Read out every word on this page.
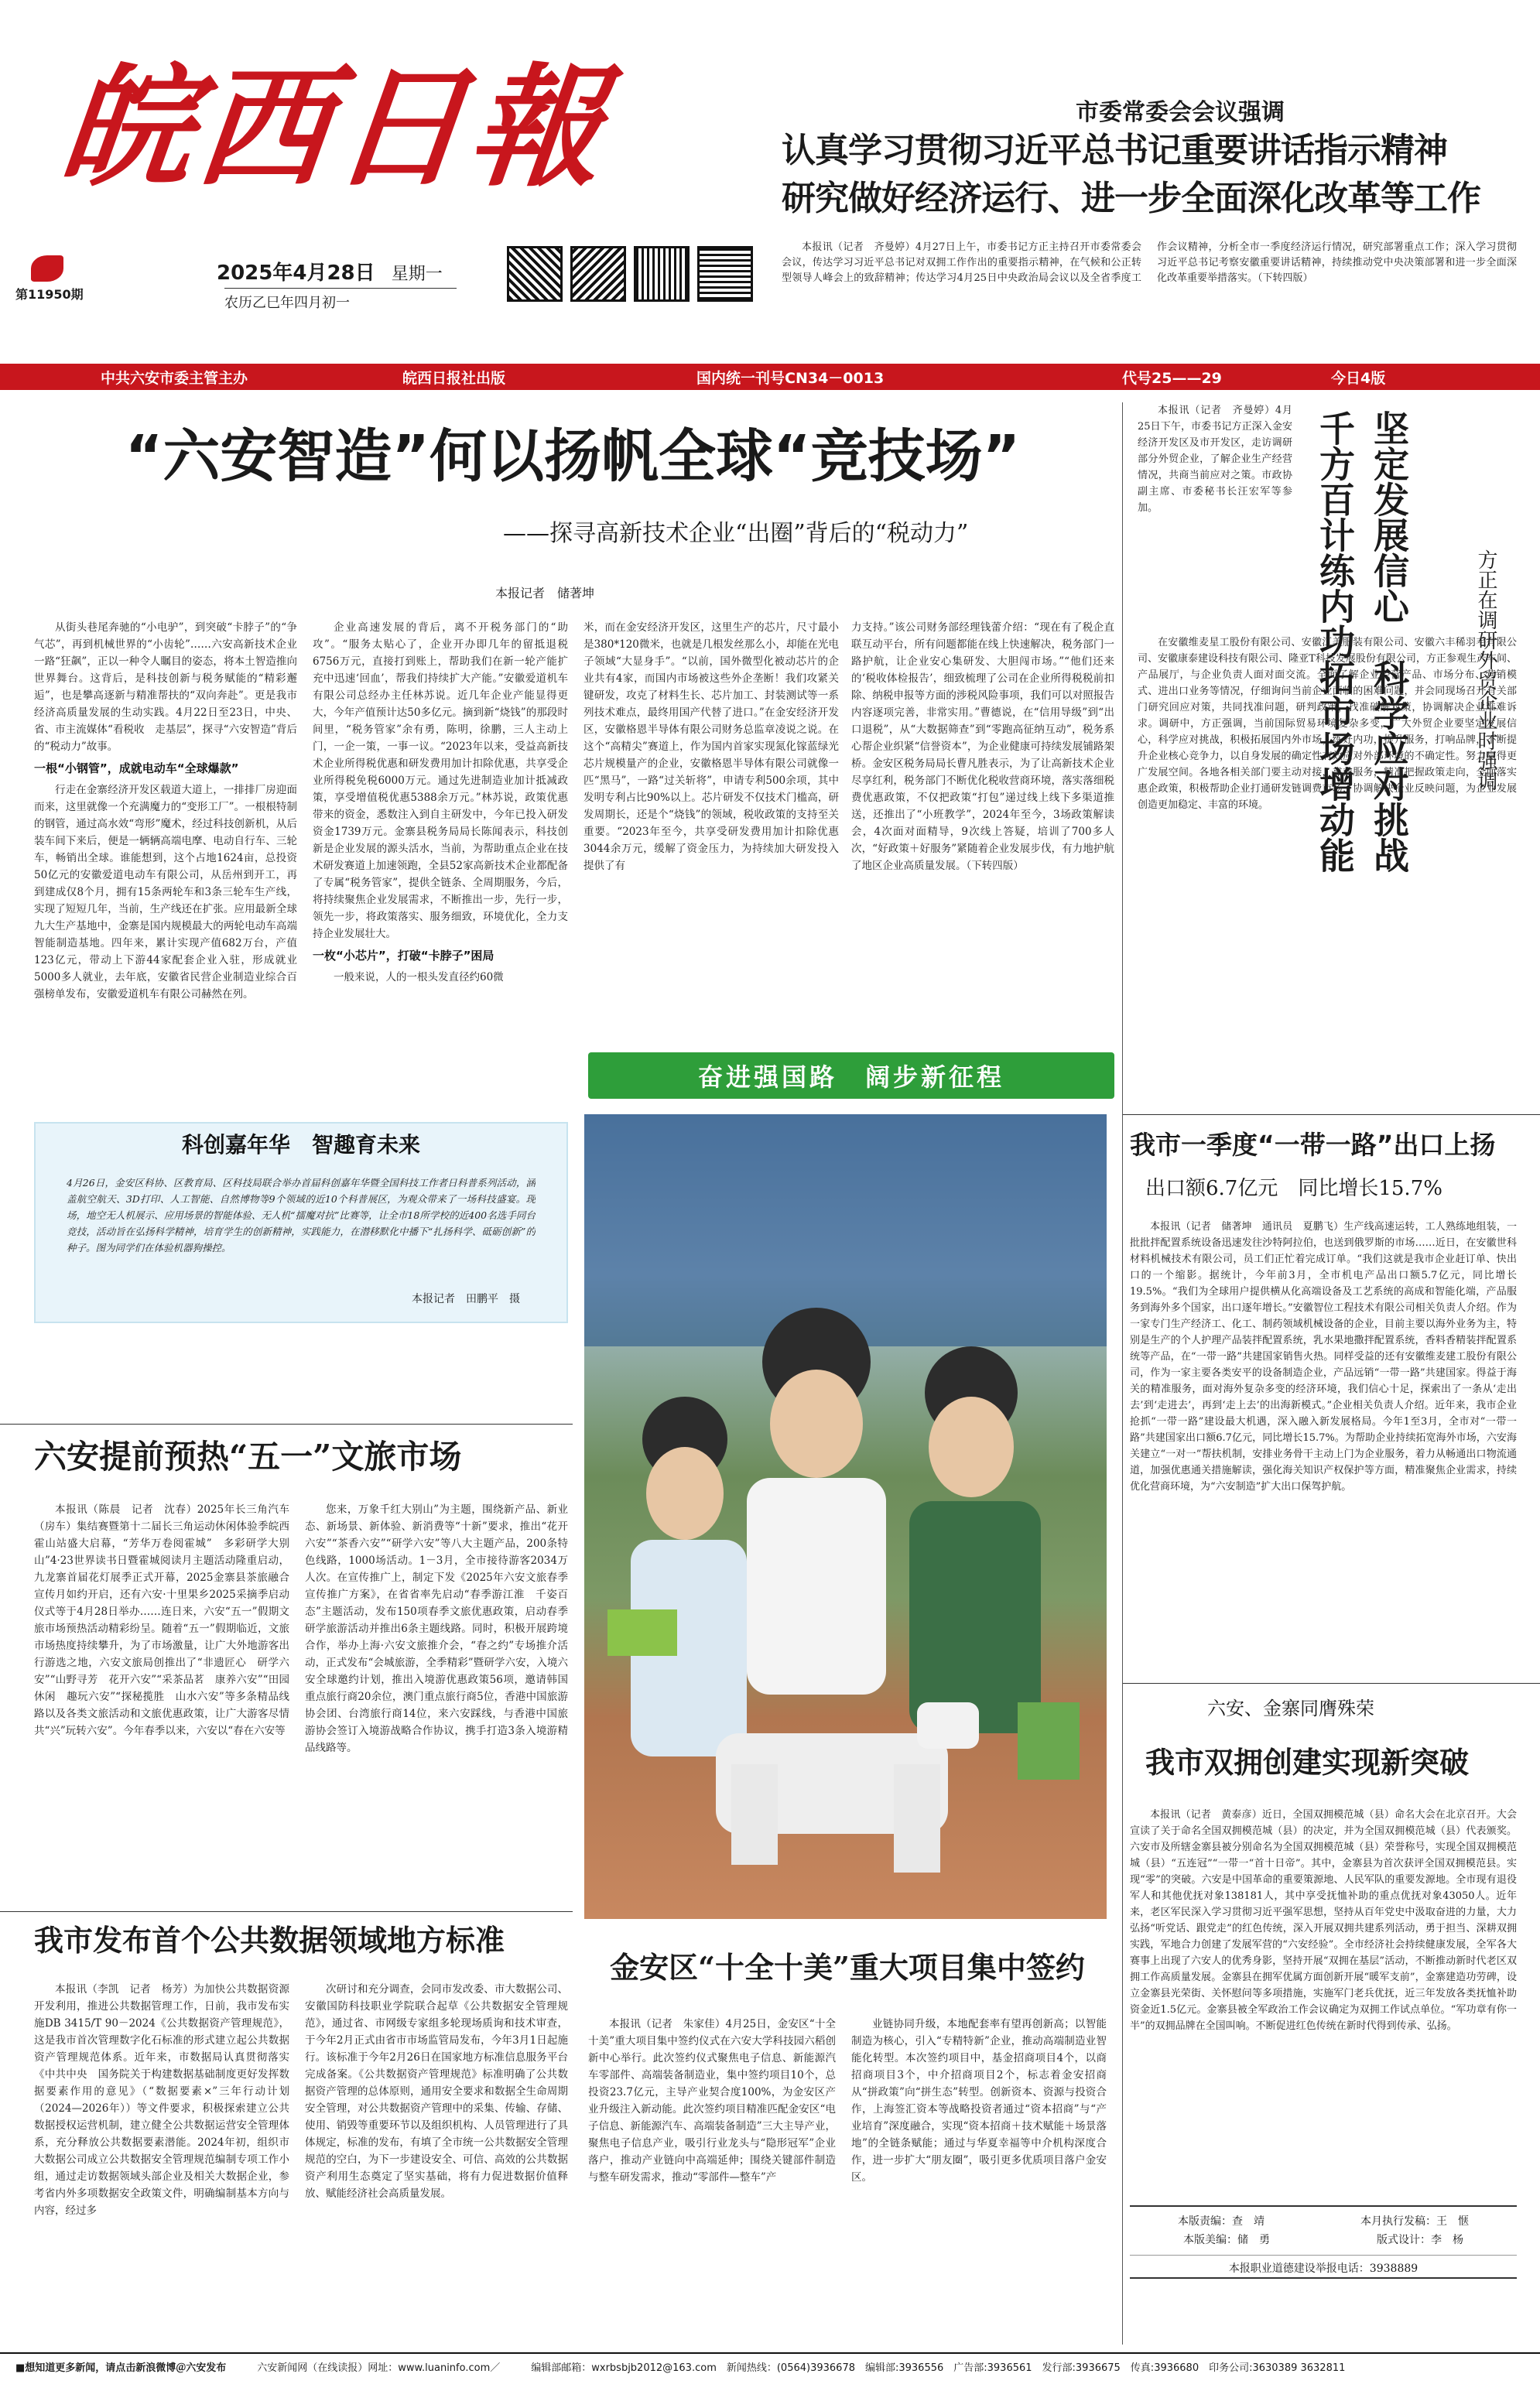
皖西日報
第11950期
2025年4月28日 星期一
农历乙巳年四月初一
市委常委会会议强调
认真学习贯彻习近平总书记重要讲话指示精神
研究做好经济运行、进一步全面深化改革等工作
本报讯（记者　齐曼婷）4月27日上午，市委书记方正主持召开市委常委会会议，传达学习习近平总书记对双拥工作作出的重要指示精神，在气候和公正转型领导人峰会上的致辞精神；传达学习4月25日中央政治局会议以及全省季度工作会议精神，分析全市一季度经济运行情况，研究部署重点工作；深入学习贯彻习近平总书记考察安徽重要讲话精神，持续推动党中央决策部署和进一步全面深化改革重要举措落实。（下转四版）
中共六安市委主管主办	皖西日报社出版	国内统一刊号CN34－0013	代号25——29	今日4版
“六安智造”何以扬帆全球“竞技场”
——探寻高新技术企业“出圈”背后的“税动力”
本报记者　储著坤

从街头巷尾奔驰的“小电驴”，到突破“卡脖子”的“争气芯”，再到机械世界的“小齿轮”……六安高新技术企业一路“狂飙”，正以一种令人瞩目的姿态，将本土智造推向世界舞台。这背后，是科技创新与税务赋能的“精彩邂逅”，也是攀高逐新与精准帮扶的“双向奔赴”。更是我市经济高质量发展的生动实践。4月22日至23日，中央、省、市主流媒体“看税收　走基层”，探寻“六安智造”背后的“税动力”故事。

一根“小钢管”，成就电动车“全球爆款”

行走在金寨经济开发区载道大道上，一排排厂房迎面而来，这里就像一个充满魔力的“变形工厂”。一根根特制的钢管，通过高水效“弯形”魔术，经过科技创新机，从后装车间下来后，便是一辆辆高端电摩、电动自行车、三轮车，畅销出全球。谁能想到，这个占地1624亩，总投资50亿元的安徽爱道电动车有限公司，从岳州到开工，再到建成仅8个月，拥有15条两轮车和3条三轮车生产线，实现了短短几年，当前，生产线还在扩张。应用最新全球九大生产基地中，金寨是国内规模最大的两轮电动车高端智能制造基地。四年来，累计实现产值682万台，产值123亿元，带动上下游44家配套企业入驻，形成就业5000多人就业，去年底，安徽省民营企业制造业综合百强榜单发布，安徽爱道机车有限公司赫然在列。

企业高速发展的背后，离不开税务部门的“助攻”。“服务太贴心了，企业开办即几年的留抵退税6756万元，直接打到账上，帮助我们在新一轮产能扩充中迅速‘回血’，帮我们持续扩大产能。”安徽爱道机车有限公司总经办主任林苏说。近几年企业产能显得更大，今年产值预计达50多亿元。摘到新“烧钱”的那段时间里，“税务管家”余有勇，陈明，徐鹏，三人主动上门，一企一策，一事一议。“2023年以来，受益高新技术企业所得税优惠和研发费用加计扣除优惠，共享受企业所得税免税6000万元。通过先进制造业加计抵减政策，享受增值税优惠5388余万元。”林苏说，政策优惠带来的资金，悉数注入到自主研发中，今年已投入研发资金1739万元。金寨县税务局局长陈闻表示，科技创新是企业发展的源头活水，当前，为帮助重点企业在技术研发赛道上加速领跑，全县52家高新技术企业都配备了专属“税务管家”，提供全链条、全周期服务，今后，将持续聚焦企业发展需求，不断推出一步，先行一步，领先一步，将政策落实、服务细致，环境优化，全力支持企业发展壮大。

一枚“小芯片”，打破“卡脖子”困局

一般来说，人的一根头发直径约60微

米，而在金安经济开发区，这里生产的芯片，尺寸最小是380*120微米，也就是几根发丝那么小，却能在光电子领域“大显身手”。“以前，国外微型化被动芯片的企业共有4家，而国内市场被这些外企垄断！我们攻紧关键研发，攻克了材料生长、芯片加工、封装测试等一系列技术难点，最终用国产代替了进口。”在金安经济开发区，安徽格恩半导体有限公司财务总监章凌说之说。在这个“高精尖”赛道上，作为国内首家实现氮化镓蓝绿光芯片规模量产的企业，安徽格恩半导体有限公司就像一匹“黑马”，一路“过关斩将”，申请专利500余项，其中发明专利占比90%以上。芯片研发不仅技术门槛高，研发周期长，还是个“烧钱”的领域，税收政策的支持至关重要。“2023年至今，共享受研发费用加计扣除优惠3044余万元，缓解了资金压力，为持续加大研发投入提供了有

力支持。”该公司财务部经理钱蕾介绍：“现在有了税企直联互动平台，所有问题都能在线上快速解决，税务部门一路护航，让企业安心集研发、大胆闯市场。”“他们还来的‘税收体检报告’，细致梳理了公司在企业所得税税前扣除、纳税申报等方面的涉税风险事项，我们可以对照报告内容逐项完善，非常实用。”曹德说，在“信用导级”到“出口退税”，从“大数据筛查”到“零跑高征纳互动”，税务系心帮企业织紧“信誉资本”，为企业健康可持续发展铺路架桥。金安区税务局局长曹凡胜表示，为了让高新技术企业尽享红利，税务部门不断优化税收营商环境，落实落细税费优惠政策，不仅把政策“打包”递过线上线下多渠道推送，还推出了“小班教学”，2024年至今，3场政策解读会，4次面对面精导，9次线上答疑，培训了700多人次，“好政策＋好服务”紧随着企业发展步伐，有力地护航了地区企业高质量发展。（下转四版）

奋进强国路　阔步新征程
本报讯（记者　齐曼婷）4月25日下午，市委书记方正深入金安经济开发区及市开发区，走访调研部分外贸企业，了解企业生产经营情况，共商当前应对之策。市政协副主席、市委秘书长汪宏军等参加。	坚定发展信心　科学应对挑战　千方百计练内功拓市场增动能	方正在调研外贸企业时强调
在安徽维麦星工股份有限公司、安徽江美服装有限公司、安徽六丰稀羽毛有限公司、安徽康泰建设科技有限公司、隆亚T科技发展股份有限公司，方正参观生产车间、产品展厅，与企业负责人面对面交流。全面了解企业经营产品、市场分布、营销模式、进出口业务等情况，仔细询问当前企业面临的困难问题，并会同现场召开有关部门研究回应对策，共同找准问题，研判政策，找准破解对策，协调解决企业难难诉求。调研中，方正强调，当前国际贸易环境复杂多变，广大外贸企业要坚定发展信心，科学应对挑战，积极拓展国内外市场，练好内功，提升服务，打响品牌，不断提升企业核心竞争力，以自身发展的确定性有效应对外部环境的不确定性。努力赢得更广发展空间。各地各相关部门要主动对接，靠前服务，精准把握政策走向，全面落实惠企政策，积极帮助企业打通研发链调费市场，协调解决企业反映问题，为企业发展创造更加稳定、丰富的环境。
科创嘉年华　智趣育未来
4月26日，金安区科协、区教育局、区科技局联合举办首届科创嘉年华暨全国科技工作者日科普系列活动，涵盖航空航天、3D打印、人工智能、自然博物等9个领域的近10个科普展区，为观众带来了一场科技盛宴。现场，地空无人机展示、应用场景的智能体验、无人机“擂魔对抗”比赛等，让全市18所学校的近400名选手同台竞技，活动旨在弘扬科学精神，培育学生的创新精神，实践能力，在潜移默化中播下“扎扬科学、砥砺创新”的种子。图为同学们在体验机器狗操控。
本报记者　田鹏平　摄
六安提前预热“五一”文旅市场
本报讯（陈晨　记者　沈春）2025年长三角汽车（房车）集结赛暨第十二届长三角运动休闲体验季皖西霍山站盛大启幕，“芳华万卷阅霍城”　多彩研学大别山”4·23世界读书日暨霍城阅读月主题活动隆重启动，九龙寨首届花灯展季正式开幕，2025金寨县茶旅融合宣传月如约开启，还有六安·十里果乡2025采摘季启动仪式等于4月28日举办……连日来，六安“五一”假期文旅市场预热活动精彩纷呈。随着“五一”假期临近，文旅市场热度持续攀升，为了市场激量，让广大外地游客出行游选之地，六安文旅局创推出了“非遗匠心　研学六安”“山野寻芳　花开六安”“采茶品茗　康养六安”“田园休闲　趣玩六安”“探秘揽胜　山水六安”等多条精品线路以及各类文旅活动和文旅优惠政策，让广大游客尽情共“兴”玩转六安”。今年春季以来，六安以“春在六安等
您来，万象千红大别山”为主题，围绕新产品、新业态、新场景、新体验、新消费等“十新”要求，推出“花开六安”“茶香六安”“研学六安”等八大主题产品，200条特色线路，1000场活动。1－3月，全市接待游客2034万人次。在宣传推广上，制定下发《2025年六安文旅春季宣传推广方案》，在省省率先启动“春季游江淮　千姿百态”主题活动，发布150项春季文旅优惠政策，启动春季研学旅游活动并推出6条主题线路。同时，积极开展跨境合作，举办上海·六安文旅推介会，“春之约”专场推介活动，正式发布“会城旅游，全季精彩”暨研学六安，入境六安全球邀约计划，推出入境游优惠政策56项，邀请韩国重点旅行商20余位，澳门重点旅行商5位，香港中国旅游协会团、台湾旅行商14位，来六安踩线，与香港中国旅游协会签订入境游战略合作协议，携手打造3条入境游精品线路等。
我市一季度“一带一路”出口上扬
出口额6.7亿元　同比增长15.7%
本报讯（记者　储著坤　通讯员　夏鹏飞）生产线高速运转，工人熟练地组装，一批批拌配置系统设备迅速发往沙特阿拉伯，也送到俄罗斯的市场……近日，在安徽世科材料机械技术有限公司，员工们正忙着完成订单。“我们这就是我市企业赶订单、快出口的一个缩影。据统计，今年前3月，全市机电产品出口额5.7亿元，同比增长19.5%。“我们为全球用户提供横从化高端设备及工艺系统的高成和智能化端，产品服务到海外多个国家，出口逐年增长。”安徽智位工程技术有限公司相关负责人介绍。作为一家专门生产经济工、化工、制药领域机械设备的企业，目前主要以海外业务为主，特别是生产的个人护理产品装拌配置系统，乳水果地撒拌配置系统，香料香精装拌配置系统等产品，在“一带一路”共建国家销售火热。同样受益的还有安徽维麦建工股份有限公司，作为一家主要各类安平的设备制造企业，产品远销“一带一路”共建国家。得益于海关的精准服务，面对海外复杂多变的经济环境，我们信心十足，探索出了一条从‘走出去’到‘走进去’，再到‘走上去’的出海新模式。”企业相关负责人介绍。近年来，我市企业抢抓“一带一路”建设最大机遇，深入融入新发展格局。今年1至3月，全市对“一带一路”共建国家出口额6.7亿元，同比增长15.7%。为帮助企业持续拓宽海外市场，六安海关建立“一对一”帮扶机制，安排业务骨干主动上门为企业服务，着力从畅通出口物流通道，加强优惠通关措施解读，强化海关知识产权保护等方面，精准聚焦企业需求，持续优化营商环境，为“六安制造”扩大出口保驾护航。
六安、金寨同膺殊荣
我市双拥创建实现新突破
本报讯（记者　黄泰彦）近日，全国双拥模范城（县）命名大会在北京召开。大会宣读了关于命名全国双拥模范城（县）的决定，并为全国双拥模范城（县）代表颁奖。六安市及所辖金寨县被分别命名为全国双拥模范城（县）荣誉称号，实现全国双拥模范城（县）“五连冠”“一带一“首十日帝”。其中，金寨县为首次获评全国双拥模范县。实现“零”的突破。六安是中国革命的重要策源地、人民军队的重要发源地。全市现有退役军人和其他优抚对象138181人，其中享受抚恤补助的重点优抚对象43050人。近年来，老区军民深入学习贯彻习近平强军思想，坚持从百年党史中汲取奋进的力量，大力弘扬“听党话、跟党走”的红色传统，深入开展双拥共建系列活动，勇于担当、深耕双拥实践，军地合力创建了发展军营的“六安经验”。全市经济社会持续健康发展，全军各大赛事上出现了六安人的优秀身影，坚持开展“双拥在基层”活动，不断推动新时代老区双拥工作高质量发展。金寨县在拥军优属方面创新开展“暖军支前”，金寨建造功劳碑，设立金寨县光荣街、关怀慰问等多项措施，实施军门老兵优抚，近三年发放各类抚恤补助资金近1.5亿元。金寨县被全军政治工作会议确定为双拥工作试点单位。“军功章有你一半”的双拥品牌在全国叫响。不断促进红色传统在新时代得到传承、弘扬。
本版责编：查　靖	本月执行发稿：王　惬
本版美编：储　勇	版式设计：李　杨
本报职业道德建设举报电话：3938889
我市发布首个公共数据领域地方标准
本报讯（李凯　记者　杨芳）为加快公共数据资源开发利用，推进公共数据管理工作，日前，我市发布实施DB 3415/T 90－2024《公共数据资产管理规范》，这是我市首次管理数字化石标准的形式建立起公共数据资产管理规范体系。近年来，市数据局认真贯彻落实《中共中央　国务院关于构建数据基础制度更好发挥数据要素作用的意见》（“数据要素×”三年行动计划（2024—2026年））等文件要求，积极探索建立公共数据授权运营机制，建立健全公共数据运营安全管理体系，充分释放公共数据要素潜能。2024年初，组织市大数据公司成立公共数据安全管理规范编制专项工作小组，通过走访数据领域头部企业及相关大数据企业，参考省内外多项数据安全政策文件，明确编制基本方向与内容，经过多
次研讨和充分调查，会同市发改委、市大数据公司、安徽国防科技职业学院联合起草《公共数据安全管理规范》，通过省、市网级专家组多轮现场质询和技术审查，于今年2月正式由省市市场监管局发布，今年3月1日起施行。该标准于今年2月26日在国家地方标准信息服务平台完成备案。《公共数据资产管理规范》标准明确了公共数据资产管理的总体原则，通用安全要求和数据全生命周期安全管理，对公共数据资产管理中的采集、传输、存储、使用、销毁等重要环节以及组织机构、人员管理进行了具体规定，标准的发布，有填了全市统一公共数据安全管理规范的空白，为下一步建设安全、可信、高效的公共数据资产利用生态奠定了坚实基础，将有力促进数据价值释放、赋能经济社会高质量发展。
金安区“十全十美”重大项目集中签约
本报讯（记者　朱家佳）4月25日，金安区“十全十美”重大项目集中签约仪式在六安大学科技园六稻创新中心举行。此次签约仪式聚焦电子信息、新能源汽车零部件、高端装备制造业，集中签约项目10个，总投资23.7亿元，主导产业契合度100%，为金安区产业升级注入新动能。此次签约项目精准匹配金安区“电子信息、新能源汽车、高端装备制造”三大主导产业，聚焦电子信息产业，吸引行业龙头与“隐形冠军”企业落户，推动产业链向中高端延伸；围绕关键部件制造与整车研发需求，推动“零部件—整车”产
业链协同升级，本地配套率有望再创新高；以智能制造为核心，引入“专精特新”企业，推动高端制造业智能化转型。本次签约项目中，基金招商项目4个，以商招商项目3个，中介招商项目2个，标志着金安招商从“拼政策”向“拼生态”转型。创新资本、资源与投资合作，上海签汇资本等战略投资者通过“资本招商”与“产业培育”深度融合，实现“资本招商＋技术赋能＋场景落地”的全链条赋能；通过与华夏幸福等中介机构深度合作，进一步扩大“朋友圈”，吸引更多优质项目落户金安区。
■想知道更多新闻，请点击新浪微博＠六安发布	六安新闻网（在线读报）网址：www.luaninfo.com／	编辑部邮箱：wxrbsbjb2012@163.com　新闻热线：(0564)3936678　编辑部:3936556　广告部:3936561　发行部:3936675　传真:3936680　印务公司:3630389 3632811
